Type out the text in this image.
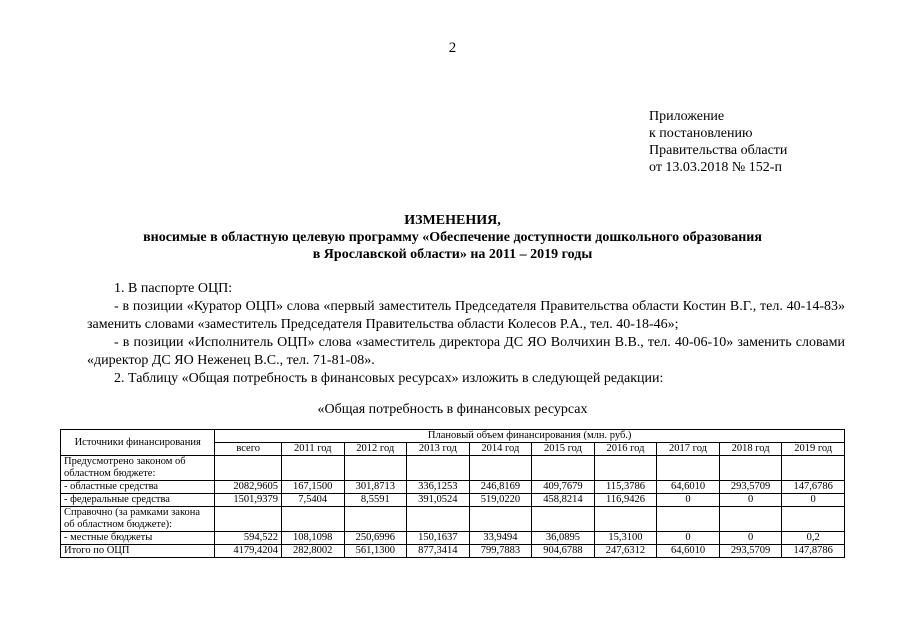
2
Приложение
к постановлению
Правительства области
от 13.03.2018 № 152-п
ИЗМЕНЕНИЯ,
вносимые в областную целевую программу «Обеспечение доступности дошкольного образования
в Ярославской области» на 2011 – 2019 годы

1. В паспорте ОЦП:

- в позиции «Куратор ОЦП» слова «первый заместитель Председателя Правительства области Костин В.Г., тел. 40-14-83» заменить словами «заместитель Председателя Правительства области Колесов Р.А., тел. 40-18-46»;

- в позиции «Исполнитель ОЦП» слова «заместитель директора ДС ЯО Волчихин В.В., тел. 40-06-10» заменить словами «директор ДС ЯО Неженец В.С., тел. 71-81-08».

2. Таблицу «Общая потребность в финансовых ресурсах» изложить в следующей редакции:

«Общая потребность в финансовых ресурсах
Источники финансирования	Плановый объем финансирования (млн. руб.)									
	всего	2011 год	2012 год	2013 год	2014 год	2015 год	2016 год	2017 год	2018 год	2019 год
Предусмотрено законом об областном бюджете:										
- областные средства	2082,9605	167,1500	301,8713	336,1253	246,8169	409,7679	115,3786	64,6010	293,5709	147,6786
- федеральные средства	1501,9379	7,5404	8,5591	391,0524	519,0220	458,8214	116,9426	0	0	0
Справочно (за рамками закона об областном бюджете):										
- местные бюджеты	594,522	108,1098	250,6996	150,1637	33,9494	36,0895	15,3100	0	0	0,2
Итого по ОЦП	4179,4204	282,8002	561,1300	877,3414	799,7883	904,6788	247,6312	64,6010	293,5709	147,8786
